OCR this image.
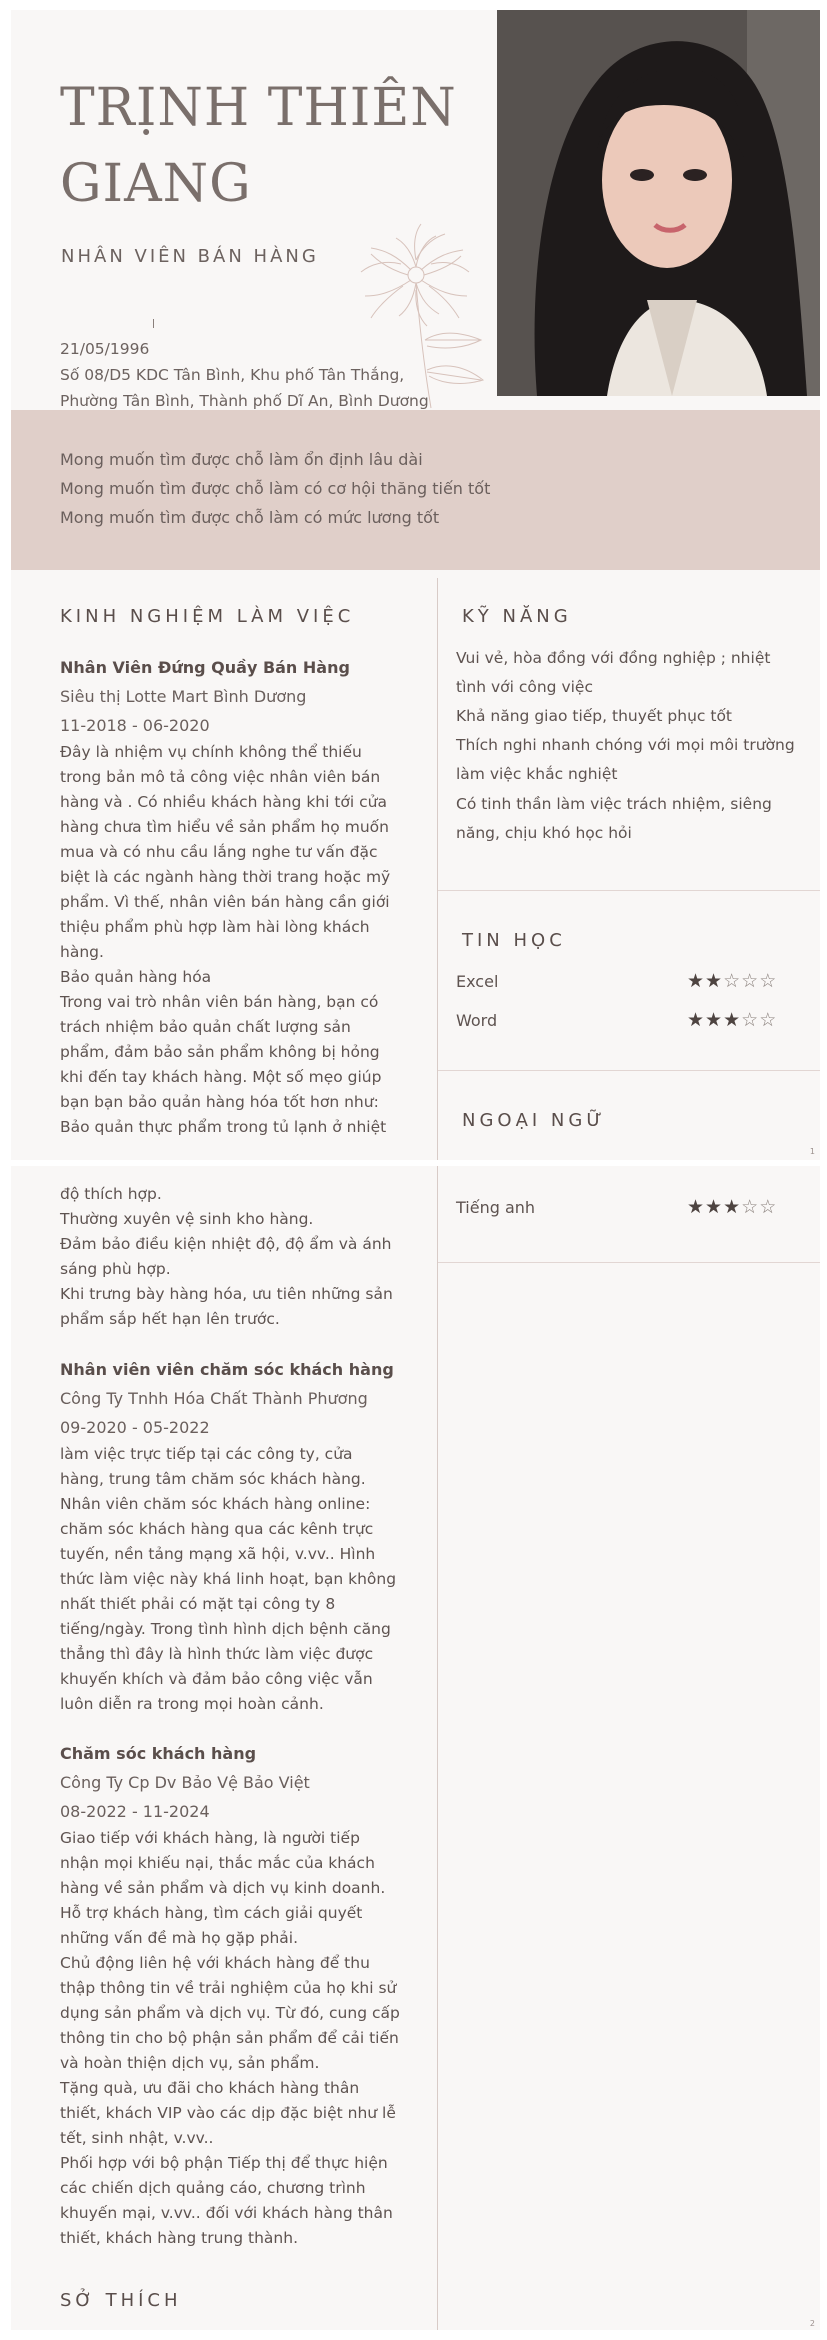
TRỊNH THIÊN
GIANG
NHÂN VIÊN BÁN HÀNG
21/05/1996
Số 08/D5 KDC Tân Bình, Khu phố Tân Thắng, Phường Tân Bình, Thành phố Dĩ An, Bình Dương
Mong muốn tìm được chỗ làm ổn định lâu dài
Mong muốn tìm được chỗ làm có cơ hội thăng tiến tốt
Mong muốn tìm được chỗ làm có mức lương tốt
KINH NGHIỆM LÀM VIỆC
Nhân Viên Đứng Quầy Bán Hàng
Siêu thị Lotte Mart Bình Dương
11-2018 - 06-2020
Đây là nhiệm vụ chính không thể thiếu trong bản mô tả công việc nhân viên bán hàng và . Có nhiều khách hàng khi tới cửa hàng chưa tìm hiểu về sản phẩm họ muốn mua và có nhu cầu lắng nghe tư vấn đặc biệt là các ngành hàng thời trang hoặc mỹ phẩm. Vì thế, nhân viên bán hàng cần giới thiệu phẩm phù hợp làm hài lòng khách hàng.
Bảo quản hàng hóa
Trong vai trò nhân viên bán hàng, bạn có trách nhiệm bảo quản chất lượng sản phẩm, đảm bảo sản phẩm không bị hỏng khi đến tay khách hàng. Một số mẹo giúp bạn bạn bảo quản hàng hóa tốt hơn như:
Bảo quản thực phẩm trong tủ lạnh ở nhiệt
KỸ NĂNG
Vui vẻ, hòa đồng với đồng nghiệp ; nhiệt tình với công việc
Khả năng giao tiếp, thuyết phục tốt
Thích nghi nhanh chóng với mọi môi trường làm việc khắc nghiệt
Có tinh thần làm việc trách nhiệm, siêng năng, chịu khó học hỏi
TIN HỌC
Excel	★★☆☆☆
Word	★★★☆☆
NGOẠI NGỮ
1
độ thích hợp.
Thường xuyên vệ sinh kho hàng.
Đảm bảo điều kiện nhiệt độ, độ ẩm và ánh sáng phù hợp.
Khi trưng bày hàng hóa, ưu tiên những sản phẩm sắp hết hạn lên trước.
Nhân viên viên chăm sóc khách hàng
Công Ty Tnhh Hóa Chất Thành Phương
09-2020 - 05-2022
làm việc trực tiếp tại các công ty, cửa hàng, trung tâm chăm sóc khách hàng.
Nhân viên chăm sóc khách hàng online: chăm sóc khách hàng qua các kênh trực tuyến, nền tảng mạng xã hội, v.vv.. Hình thức làm việc này khá linh hoạt, bạn không nhất thiết phải có mặt tại công ty 8 tiếng/ngày. Trong tình hình dịch bệnh căng thẳng thì đây là hình thức làm việc được khuyến khích và đảm bảo công việc vẫn luôn diễn ra trong mọi hoàn cảnh.
Chăm sóc khách hàng
Công Ty Cp Dv Bảo Vệ Bảo Việt
08-2022 - 11-2024
Giao tiếp với khách hàng, là người tiếp nhận mọi khiếu nại, thắc mắc của khách hàng về sản phẩm và dịch vụ kinh doanh.
Hỗ trợ khách hàng, tìm cách giải quyết những vấn đề mà họ gặp phải.
Chủ động liên hệ với khách hàng để thu thập thông tin về trải nghiệm của họ khi sử dụng sản phẩm và dịch vụ. Từ đó, cung cấp thông tin cho bộ phận sản phẩm để cải tiến và hoàn thiện dịch vụ, sản phẩm.
Tặng quà, ưu đãi cho khách hàng thân thiết, khách VIP vào các dịp đặc biệt như lễ tết, sinh nhật, v.vv..
Phối hợp với bộ phận Tiếp thị để thực hiện các chiến dịch quảng cáo, chương trình khuyến mại, v.vv.. đối với khách hàng thân thiết, khách hàng trung thành.
SỞ THÍCH
Tiếng anh	★★★☆☆
2
